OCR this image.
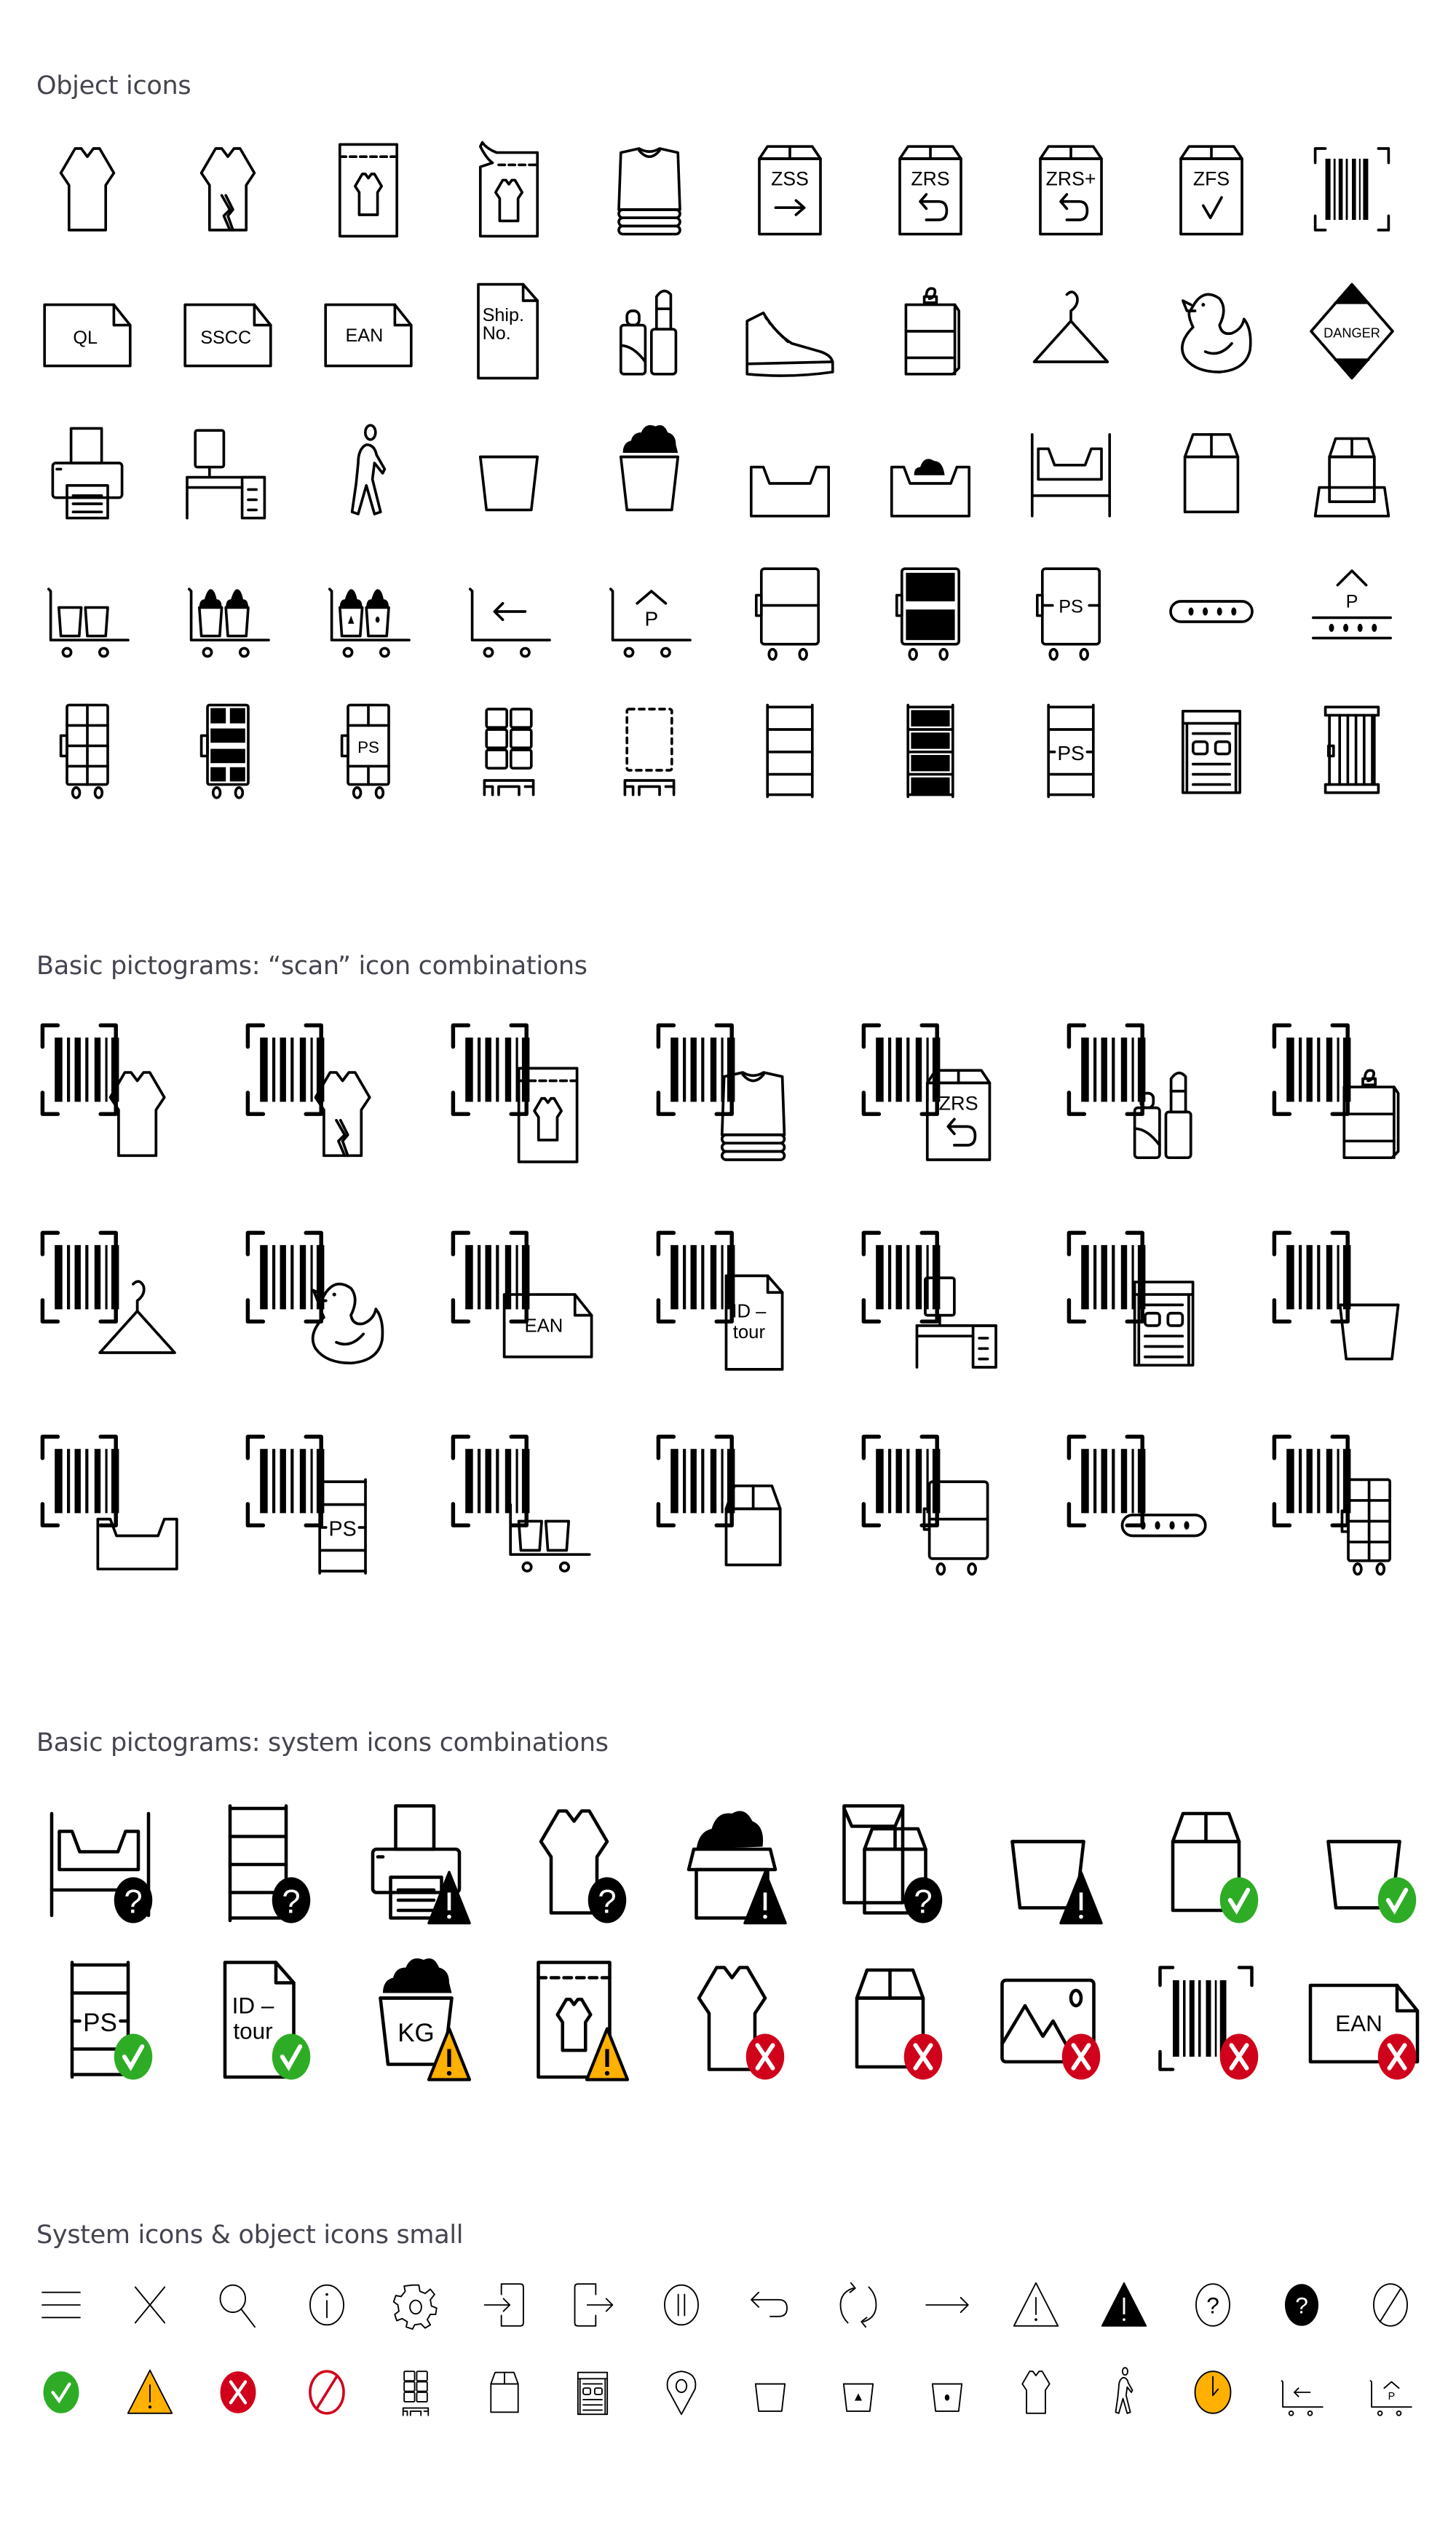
Object icons
Basic pictograms: “scan” icon combinations
Basic pictograms: system icons combinations
System icons & object icons small
ZSS	ZRS	ZRS+	ZFS
QL	SSCC	EAN
Ship.
No.	DANGER
P
PS	P
PS	PS
ZRS
EAN
ID –
tour
PS
?	?	?	?
PS
ID –
tour	KG	EAN
? ?
P
